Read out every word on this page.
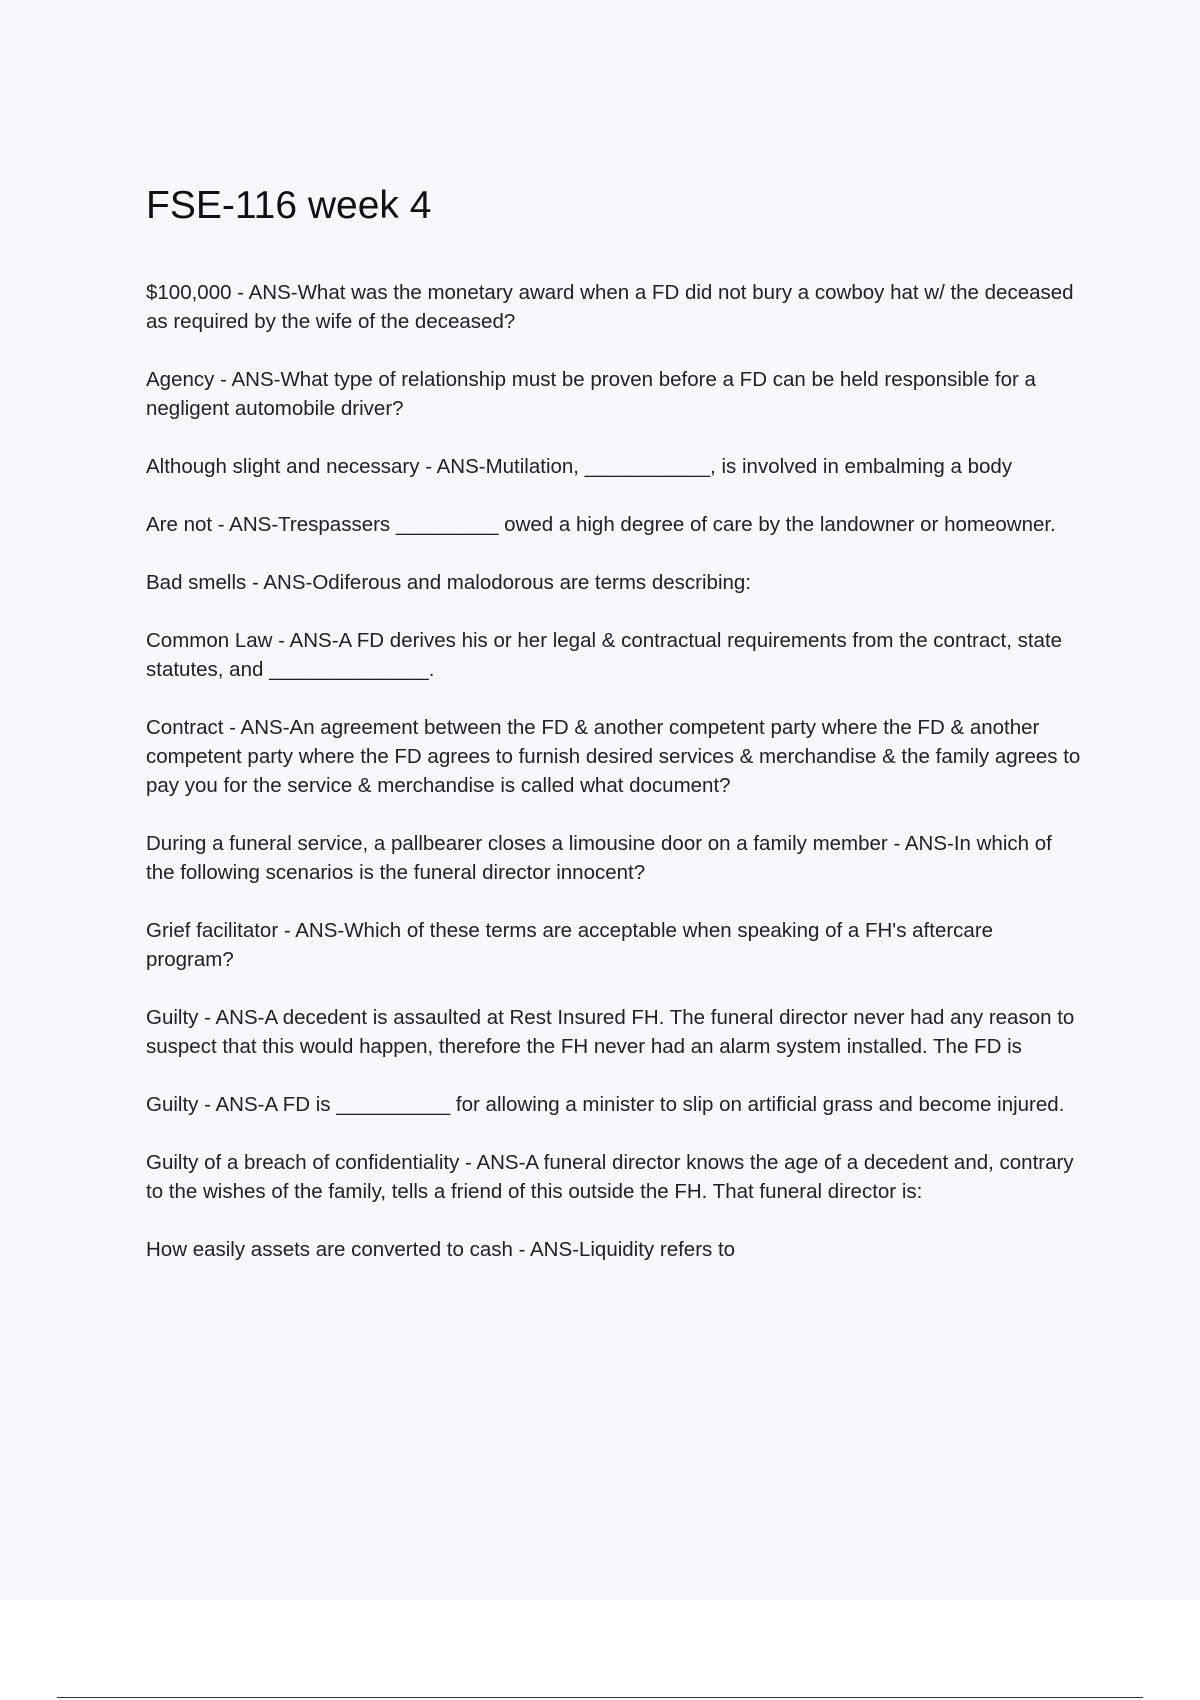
FSE-116 week 4
$100,000 - ANS-What was the monetary award when a FD did not bury a cowboy hat w/ the deceased as required by the wife of the deceased?
Agency - ANS-What type of relationship must be proven before a FD can be held responsible for a negligent automobile driver?
Although slight and necessary - ANS-Mutilation, ___________, is involved in embalming a body
Are not - ANS-Trespassers _________ owed a high degree of care by the landowner or homeowner.
Bad smells - ANS-Odiferous and malodorous are terms describing:
Common Law - ANS-A FD derives his or her legal & contractual requirements from the contract, state statutes, and ______________.
Contract - ANS-An agreement between the FD & another competent party where the FD & another competent party where the FD agrees to furnish desired services & merchandise & the family agrees to pay you for the service & merchandise is called what document?
During a funeral service, a pallbearer closes a limousine door on a family member - ANS-In which of the following scenarios is the funeral director innocent?
Grief facilitator - ANS-Which of these terms are acceptable when speaking of a FH's aftercare program?
Guilty - ANS-A decedent is assaulted at Rest Insured FH. The funeral director never had any reason to suspect that this would happen, therefore the FH never had an alarm system installed. The FD is
Guilty - ANS-A FD is __________ for allowing a minister to slip on artificial grass and become injured.
Guilty of a breach of confidentiality - ANS-A funeral director knows the age of a decedent and, contrary to the wishes of the family, tells a friend of this outside the FH. That funeral director is:
How easily assets are converted to cash - ANS-Liquidity refers to
